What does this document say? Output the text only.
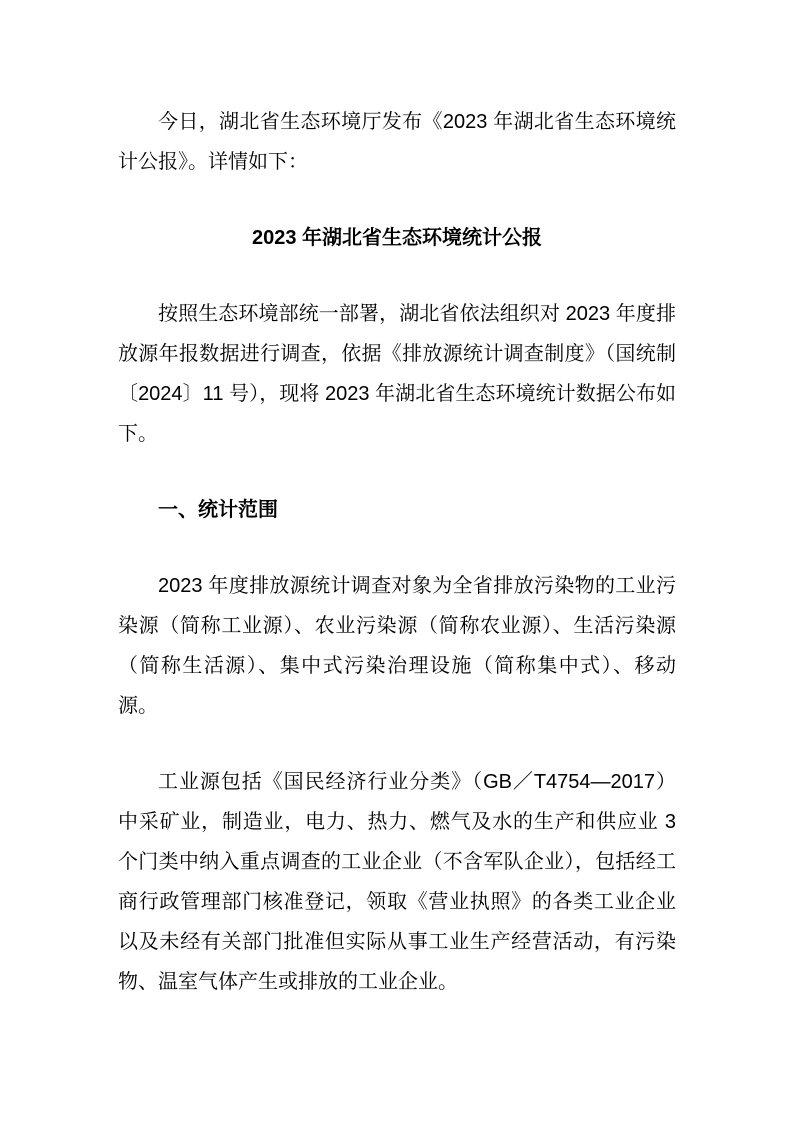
今日，湖北省生态环境厅发布《2023 年湖北省生态环境统计公报》。详情如下：

2023 年湖北省生态环境统计公报

按照生态环境部统一部署，湖北省依法组织对 2023 年度排放源年报数据进行调查，依据《排放源统计调查制度》（国统制〔2024〕11 号），现将 2023 年湖北省生态环境统计数据公布如下。

一、统计范围

2023 年度排放源统计调查对象为全省排放污染物的工业污染源（简称工业源）、农业污染源（简称农业源）、生活污染源（简称生活源）、集中式污染治理设施（简称集中式）、移动源。

工业源包括《国民经济行业分类》（GB／T4754—2017）中采矿业，制造业，电力、热力、燃气及水的生产和供应业 3 个门类中纳入重点调查的工业企业（不含军队企业），包括经工商行政管理部门核准登记，领取《营业执照》的各类工业企业以及未经有关部门批准但实际从事工业生产经营活动，有污染物、温室气体产生或排放的工业企业。
